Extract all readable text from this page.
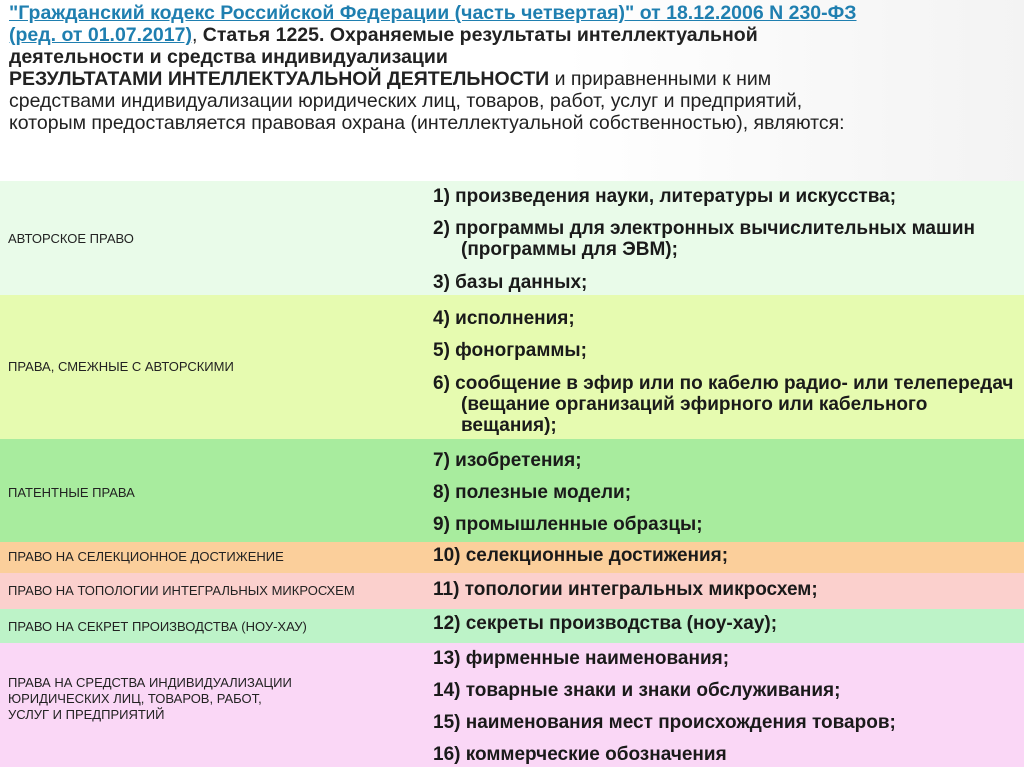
"Гражданский кодекс Российской Федерации (часть четвертая)" от 18.12.2006 N 230-ФЗ
(ред. от 01.07.2017), Статья 1225. Охраняемые результаты интеллектуальной
деятельности и средства индивидуализации
РЕЗУЛЬТАТАМИ ИНТЕЛЛЕКТУАЛЬНОЙ ДЕЯТЕЛЬНОСТИ и приравненными к ним
средствами индивидуализации юридических лиц, товаров, работ, услуг и предприятий,
которым предоставляется правовая охрана (интеллектуальной собственностью), являются:
АВТОРСКОЕ ПРАВО
1) произведения науки, литературы и искусства;
2) программы для электронных вычислительных машин (программы для ЭВМ);
3) базы данных;
ПРАВА, СМЕЖНЫЕ С АВТОРСКИМИ
4) исполнения;
5) фонограммы;
6) сообщение в эфир или по кабелю радио- или телепередач (вещание организаций эфирного или кабельного вещания);
ПАТЕНТНЫЕ ПРАВА
7) изобретения;
8) полезные модели;
9) промышленные образцы;
ПРАВО НА СЕЛЕКЦИОННОЕ ДОСТИЖЕНИЕ	10) селекционные достижения;
ПРАВО НА ТОПОЛОГИИ ИНТЕГРАЛЬНЫХ МИКРОСХЕМ	11) топологии интегральных микросхем;
ПРАВО НА СЕКРЕТ ПРОИЗВОДСТВА (НОУ-ХАУ)	12) секреты производства (ноу-хау);
ПРАВА НА СРЕДСТВА ИНДИВИДУАЛИЗАЦИИ
ЮРИДИЧЕСКИХ ЛИЦ, ТОВАРОВ, РАБОТ,
УСЛУГ И ПРЕДПРИЯТИЙ
13) фирменные наименования;
14) товарные знаки и знаки обслуживания;
15) наименования мест происхождения товаров;
16) коммерческие обозначения
